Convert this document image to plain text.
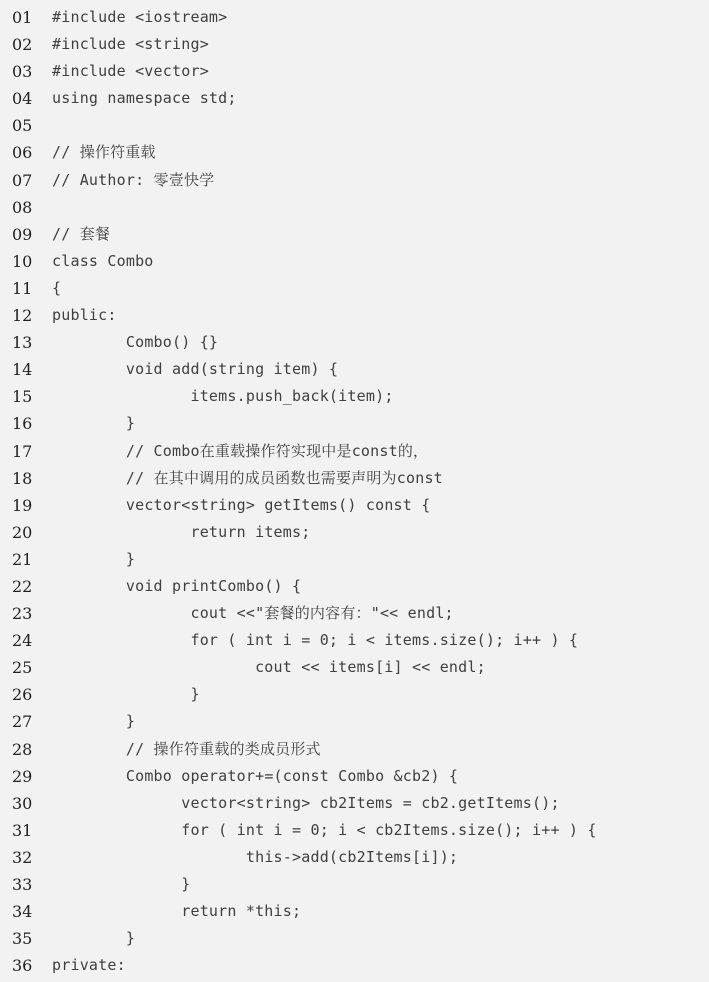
01	#include <iostream>
02	#include <string>
03	#include <vector>
04	using namespace std;
05
06	// 操作符重载
07	// Author: 零壹快学
08
09	// 套餐
10	class Combo
11	{
12	public:
13	Combo() {}
14	void add(string item) {
15	items.push_back(item);
16	}
17	// Combo在重载操作符实现中是const的，
18	// 在其中调用的成员函数也需要声明为const
19	vector<string> getItems() const {
20	return items;
21	}
22	void printCombo() {
23	cout <<"套餐的内容有："<< endl;
24	for ( int i = 0; i < items.size(); i++ ) {
25	cout << items[i] << endl;
26	}
27	}
28	// 操作符重载的类成员形式
29	Combo operator+=(const Combo &cb2) {
30	vector<string> cb2Items = cb2.getItems();
31	for ( int i = 0; i < cb2Items.size(); i++ ) {
32	this->add(cb2Items[i]);
33	}
34	return *this;
35	}
36	private:
